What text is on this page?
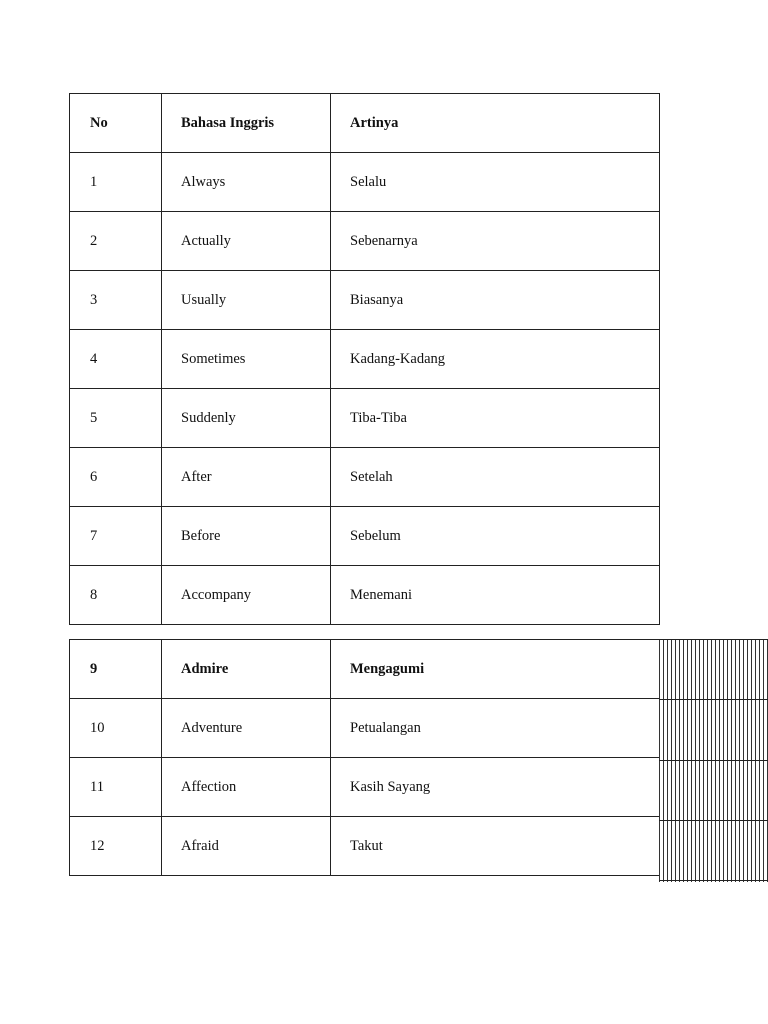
No	Bahasa Inggris	Artinya
1	Always	Selalu
2	Actually	Sebenarnya
3	Usually	Biasanya
4	Sometimes	Kadang-Kadang
5	Suddenly	Tiba-Tiba
6	After	Setelah
7	Before	Sebelum
8	Accompany	Menemani
9	Admire	Mengagumi
10	Adventure	Petualangan
11	Affection	Kasih Sayang
12	Afraid	Takut
